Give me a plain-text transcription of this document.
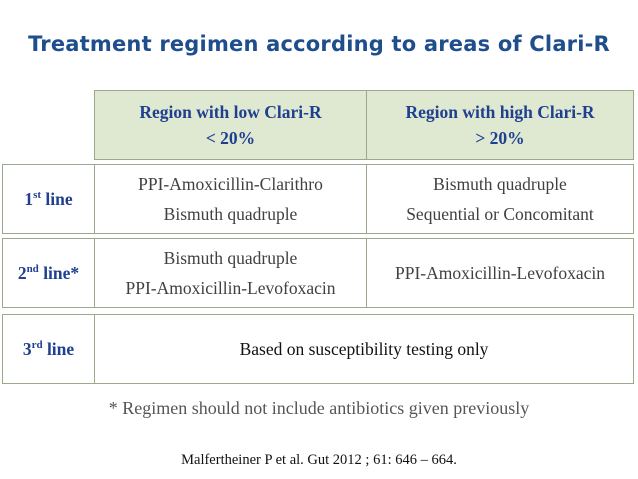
Treatment regimen according to areas of Clari-R
Region with low Clari-R
< 20%
Region with high Clari-R
> 20%
1st line
PPI-Amoxicillin-Clarithro
Bismuth quadruple
Bismuth quadruple
Sequential or Concomitant
2nd line*
Bismuth quadruple
PPI-Amoxicillin-Levofoxacin
PPI-Amoxicillin-Levofoxacin
3rd line	Based on susceptibility testing only
* Regimen should not include antibiotics given previously
Malfertheiner P et al. Gut 2012 ; 61: 646 – 664.
